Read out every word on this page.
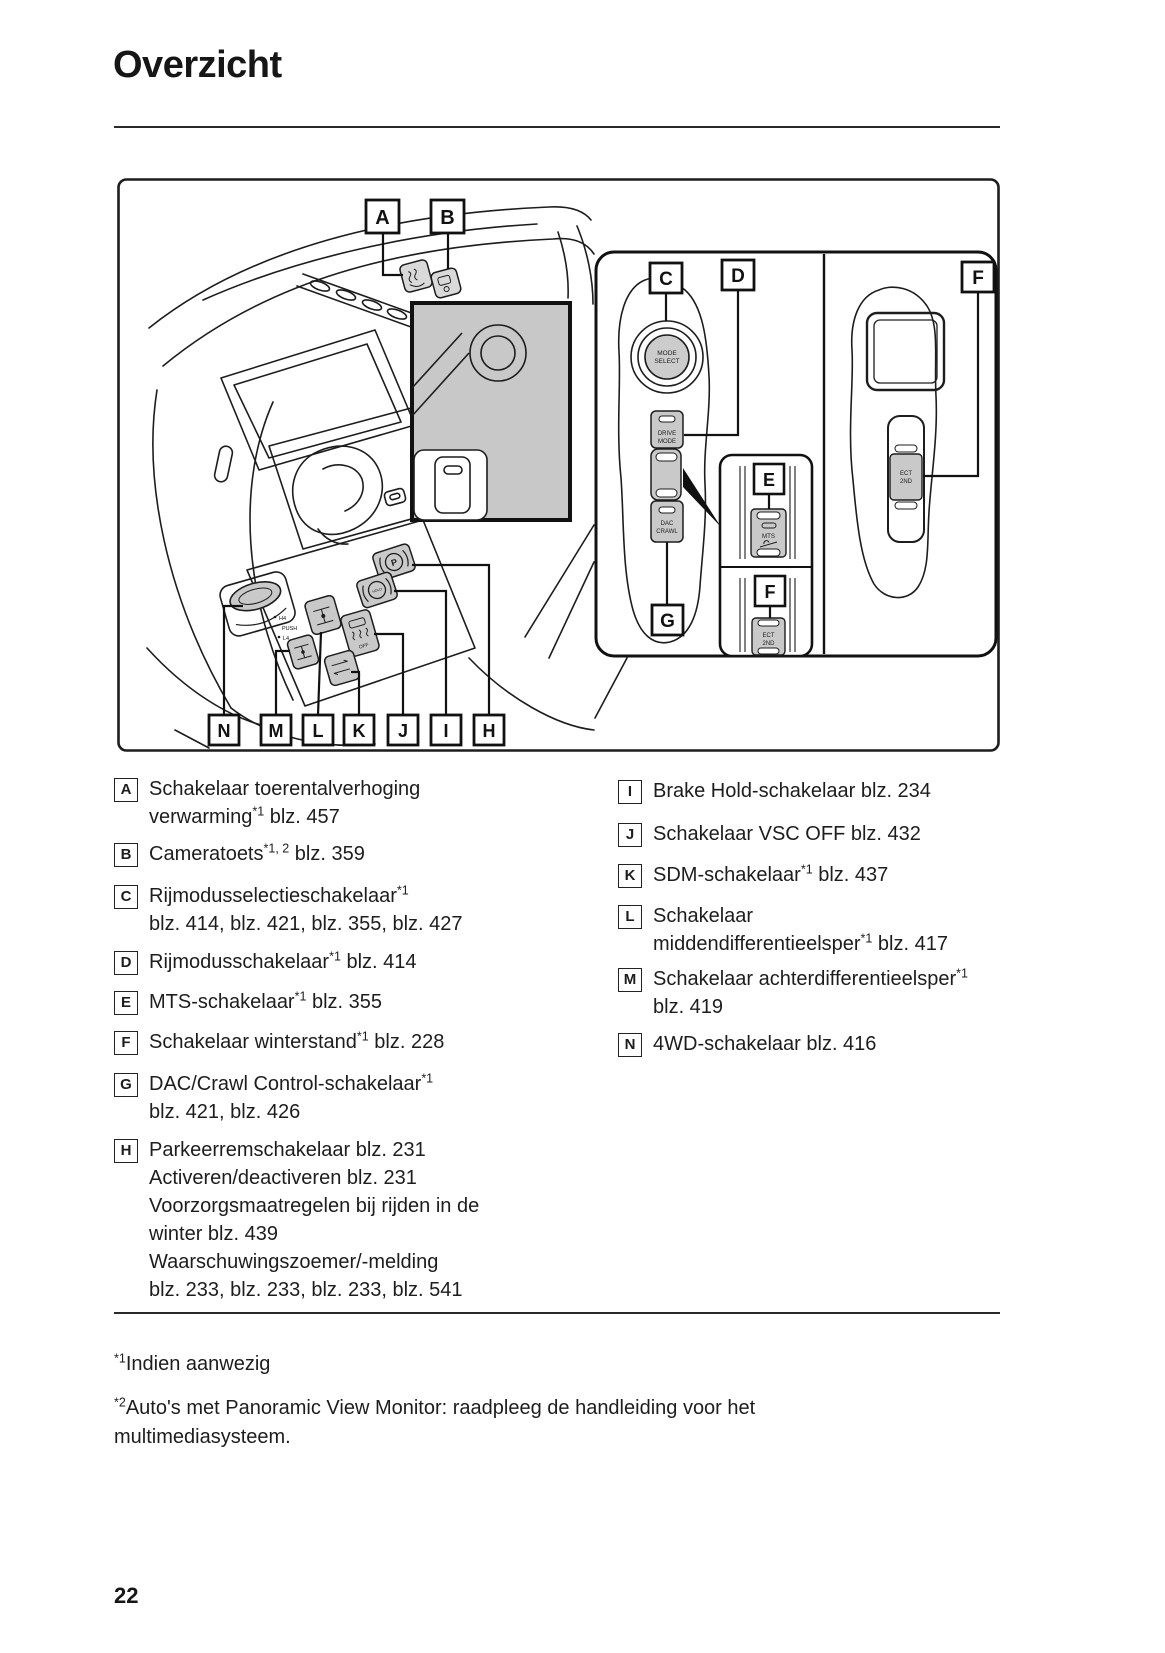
Overzicht
H4
PUSH
L4
OFF
P
HOLD
MODE
SELECT
DRIVE
MODE
DAC
CRAWL
MTS
ECT
2ND
ECT
2ND
A	B
C	D	F
E
F
G
N M L K J I H
A Schakelaar toerentalverhoging
verwarming$^{*1}$ blz. 457
B Cameratoets$^{*1, 2}$ blz. 359
C Rijmodusselectieschakelaar$^{*1}$
blz. 414, blz. 421, blz. 355, blz. 427
D Rijmodusschakelaar$^{*1}$ blz. 414
E MTS-schakelaar$^{*1}$ blz. 355
F Schakelaar winterstand$^{*1}$ blz. 228
G DAC/Crawl Control-schakelaar$^{*1}$
blz. 421, blz. 426
H Parkeerremschakelaar blz. 231
Activeren/deactiveren blz. 231
Voorzorgsmaatregelen bij rijden in de
winter blz. 439
Waarschuwingszoemer/-melding
blz. 233, blz. 233, blz. 233, blz. 541
I	Brake Hold-schakelaar blz. 234
J Schakelaar VSC OFF blz. 432
K SDM-schakelaar$^{*1}$ blz. 437
L Schakelaar
middendifferentieelsper$^{*1}$ blz. 417
M Schakelaar achterdifferentieelsper$^{*1}$
blz. 419
N 4WD-schakelaar blz. 416
$^{*1}$Indien aanwezig
$^{*2}$Auto's met Panoramic View Monitor: raadpleeg de handleiding voor het
multimediasysteem.
22
